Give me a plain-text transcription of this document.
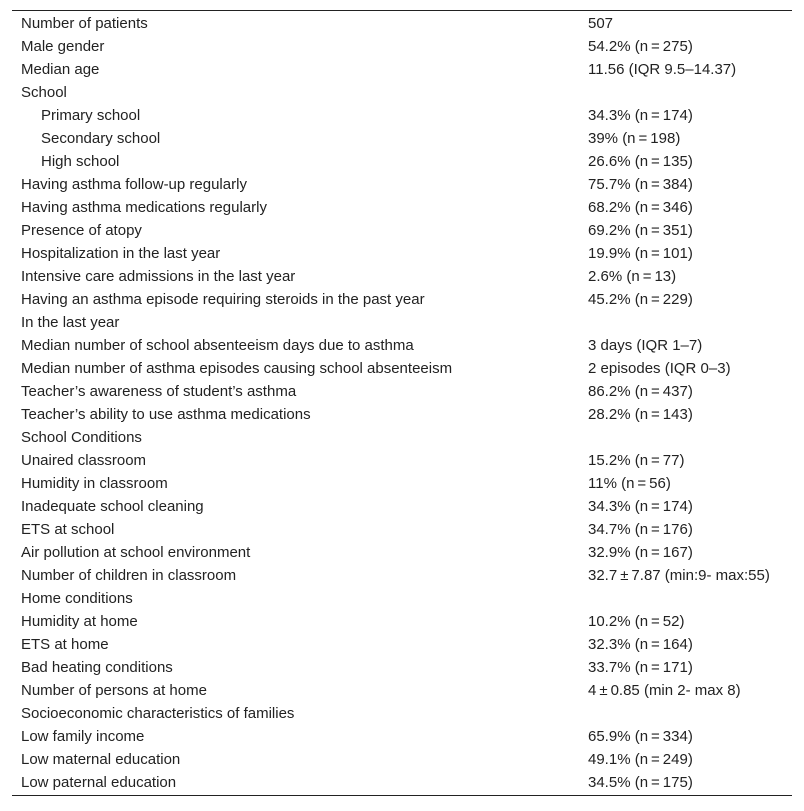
Number of patients	507
Male gender	54.2% (n = 275)
Median age	11.56 (IQR 9.5–14.37)
School	
Primary school	34.3% (n = 174)
Secondary school	39% (n = 198)
High school	26.6% (n = 135)
Having asthma follow-up regularly	75.7% (n = 384)
Having asthma medications regularly	68.2% (n = 346)
Presence of atopy	69.2% (n = 351)
Hospitalization in the last year	19.9% (n = 101)
Intensive care admissions in the last year	2.6% (n = 13)
Having an asthma episode requiring steroids in the past year	45.2% (n = 229)
In the last year	
Median number of school absenteeism days due to asthma	3 days (IQR 1–7)
Median number of asthma episodes causing school absenteeism	2 episodes (IQR 0–3)
Teacher’s awareness of student’s asthma	86.2% (n = 437)
Teacher’s ability to use asthma medications	28.2% (n = 143)
School Conditions	
Unaired classroom	15.2% (n = 77)
Humidity in classroom	11% (n = 56)
Inadequate school cleaning	34.3% (n = 174)
ETS at school	34.7% (n = 176)
Air pollution at school environment	32.9% (n = 167)
Number of children in classroom	32.7 ± 7.87 (min:9- max:55)
Home conditions	
Humidity at home	10.2% (n = 52)
ETS at home	32.3% (n = 164)
Bad heating conditions	33.7% (n = 171)
Number of persons at home	4 ± 0.85 (min 2- max 8)
Socioeconomic characteristics of families	
Low family income	65.9% (n = 334)
Low maternal education	49.1% (n = 249)
Low paternal education	34.5% (n = 175)
